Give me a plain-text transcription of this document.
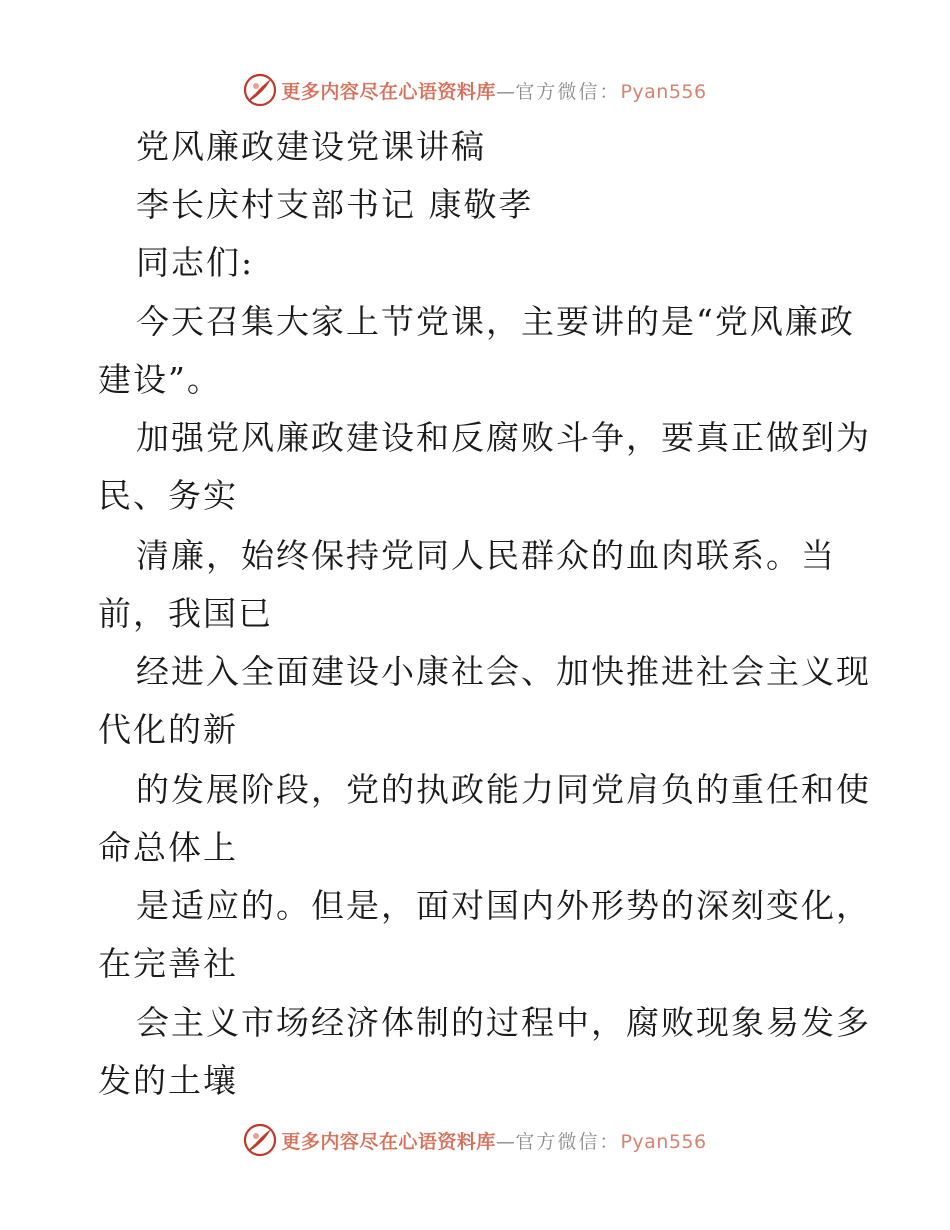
更多内容尽在心语资料库—官方微信：Pyan556
党风廉政建设党课讲稿
李长庆村支部书记 康敬孝
同志们:
今天召集大家上节党课，主要讲的是“党风廉政
建设”。
加强党风廉政建设和反腐败斗争，要真正做到为
民、务实
清廉，始终保持党同人民群众的血肉联系。当
前，我国已
经进入全面建设小康社会、加快推进社会主义现
代化的新
的发展阶段，党的执政能力同党肩负的重任和使
命总体上
是适应的。但是，面对国内外形势的深刻变化，
在完善社
会主义市场经济体制的过程中，腐败现象易发多
发的土壤
更多内容尽在心语资料库—官方微信：Pyan556
